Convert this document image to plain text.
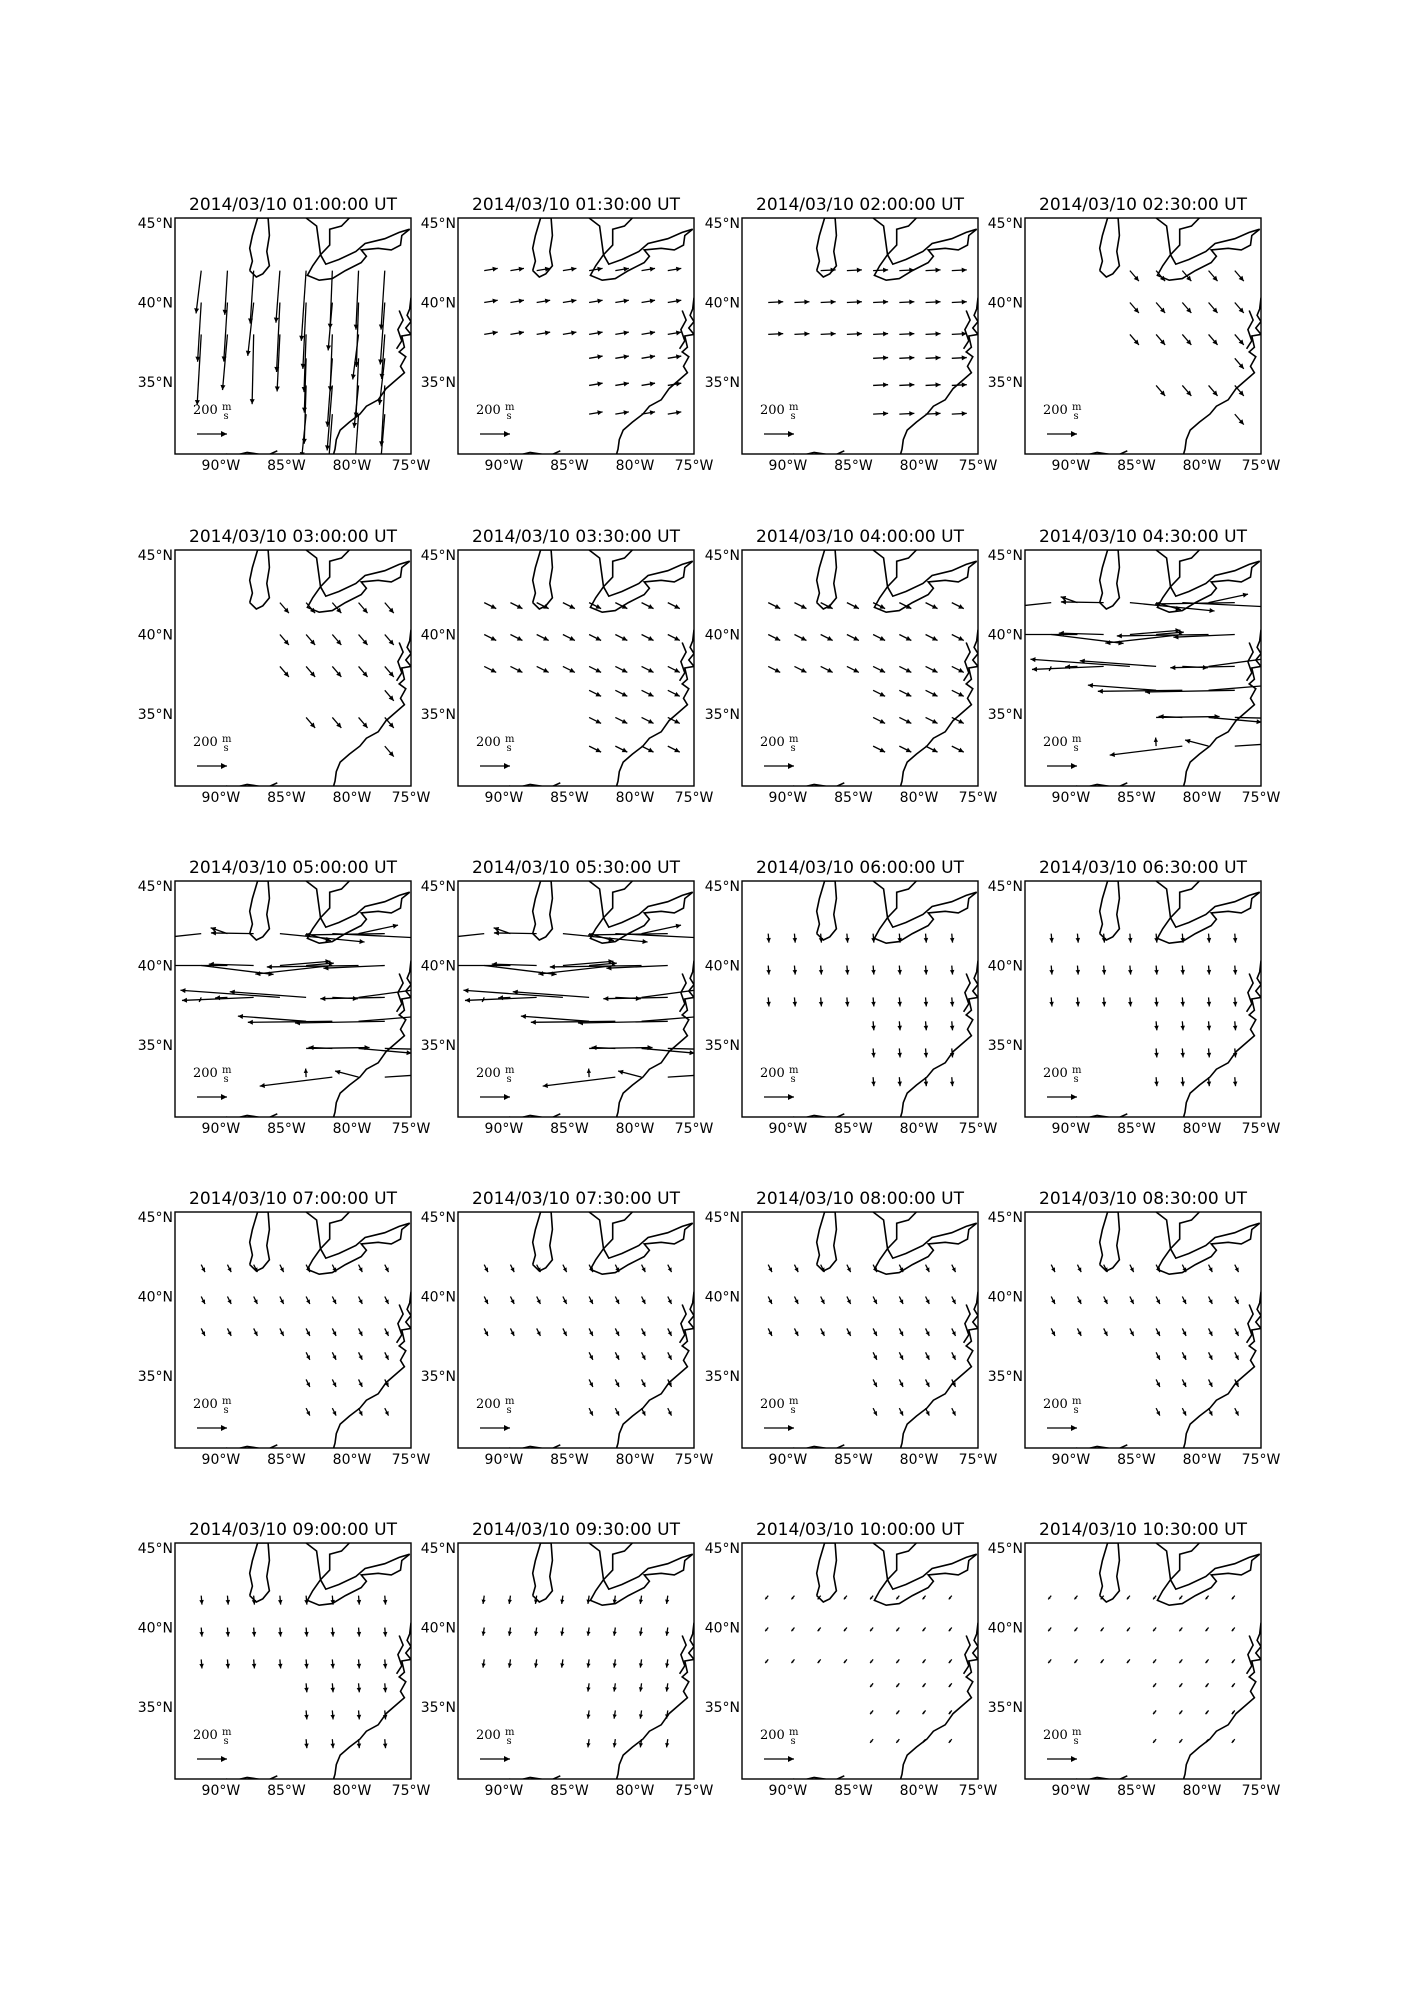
2014/03/10 01:00:00 UT
200 $^m$ s
45°N
40°N
35°N
90°W 85°W 80°W 75°W
2014/03/10 01:30:00 UT
200 $^m$ s
45°N
40°N
35°N
90°W 85°W 80°W 75°W
2014/03/10 02:00:00 UT
200 $^m$ s
45°N
40°N
35°N
90°W 85°W 80°W 75°W
2014/03/10 02:30:00 UT
200 $^m$ s
45°N
40°N
35°N
90°W 85°W 80°W 75°W
2014/03/10 03:00:00 UT
200 $^m$ s
45°N
40°N
35°N
90°W 85°W 80°W 75°W
2014/03/10 03:30:00 UT
200 $^m$ s
45°N
40°N
35°N
90°W 85°W 80°W 75°W
2014/03/10 04:00:00 UT
200 $^m$ s
45°N
40°N
35°N
90°W 85°W 80°W 75°W
2014/03/10 04:30:00 UT
200 $^m$ s
45°N
40°N
35°N
90°W 85°W 80°W 75°W
2014/03/10 05:00:00 UT
200 $^m$ s
45°N
40°N
35°N
90°W 85°W 80°W 75°W
2014/03/10 05:30:00 UT
200 $^m$ s
45°N
40°N
35°N
90°W 85°W 80°W 75°W
2014/03/10 06:00:00 UT
200 $^m$ s
45°N
40°N
35°N
90°W 85°W 80°W 75°W
2014/03/10 06:30:00 UT
200 $^m$ s
45°N
40°N
35°N
90°W 85°W 80°W 75°W
2014/03/10 07:00:00 UT
200 $^m$ s
45°N
40°N
35°N
90°W 85°W 80°W 75°W
2014/03/10 07:30:00 UT
200 $^m$ s
45°N
40°N
35°N
90°W 85°W 80°W 75°W
2014/03/10 08:00:00 UT
200 $^m$ s
45°N
40°N
35°N
90°W 85°W 80°W 75°W
2014/03/10 08:30:00 UT
200 $^m$ s
45°N
40°N
35°N
90°W 85°W 80°W 75°W
2014/03/10 09:00:00 UT
200 $^m$ s
45°N
40°N
35°N
90°W 85°W 80°W 75°W
2014/03/10 09:30:00 UT
200 $^m$ s
45°N
40°N
35°N
90°W 85°W 80°W 75°W
2014/03/10 10:00:00 UT
200 $^m$ s
45°N
40°N
35°N
90°W 85°W 80°W 75°W
2014/03/10 10:30:00 UT
200 $^m$ s
45°N
40°N
35°N
90°W 85°W 80°W 75°W
